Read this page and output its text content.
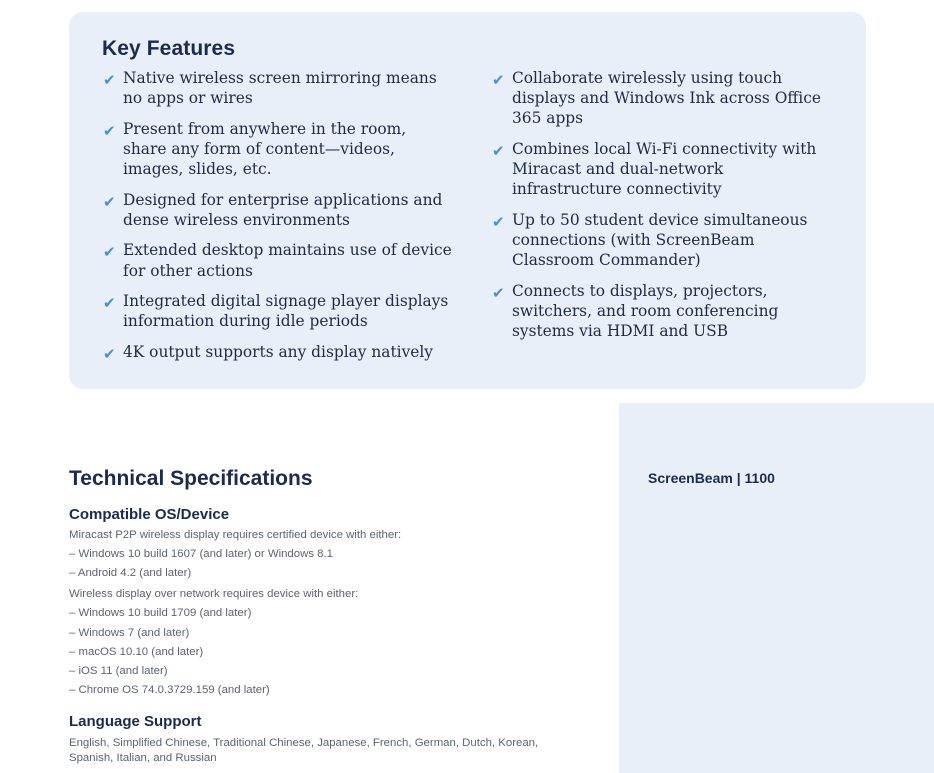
Key Features
✔ Native wireless screen mirroring means no apps or wires
✔ Present from anywhere in the room, share any form of content—videos, images, slides, etc.
✔ Designed for enterprise applications and dense wireless environments
✔ Extended desktop maintains use of device for other actions
✔ Integrated digital signage player displays information during idle periods
✔ 4K output supports any display natively
✔ Collaborate wirelessly using touch displays and Windows Ink across Office 365 apps
✔ Combines local Wi-Fi connectivity with Miracast and dual-network infrastructure connectivity
✔ Up to 50 student device simultaneous connections (with ScreenBeam Classroom Commander)
✔ Connects to displays, projectors, switchers, and room conferencing systems via HDMI and USB
ScreenBeam | 1100
Technical Specifications
Compatible OS/Device
Miracast P2P wireless display requires certified device with either:
– Windows 10 build 1607 (and later) or Windows 8.1
– Android 4.2 (and later)
Wireless display over network requires device with either:
– Windows 10 build 1709 (and later)
– Windows 7 (and later)
– macOS 10.10 (and later)
– iOS 11 (and later)
– Chrome OS 74.0.3729.159 (and later)
Language Support
English, Simplified Chinese, Traditional Chinese, Japanese, French, German, Dutch, Korean, Spanish, Italian, and Russian
